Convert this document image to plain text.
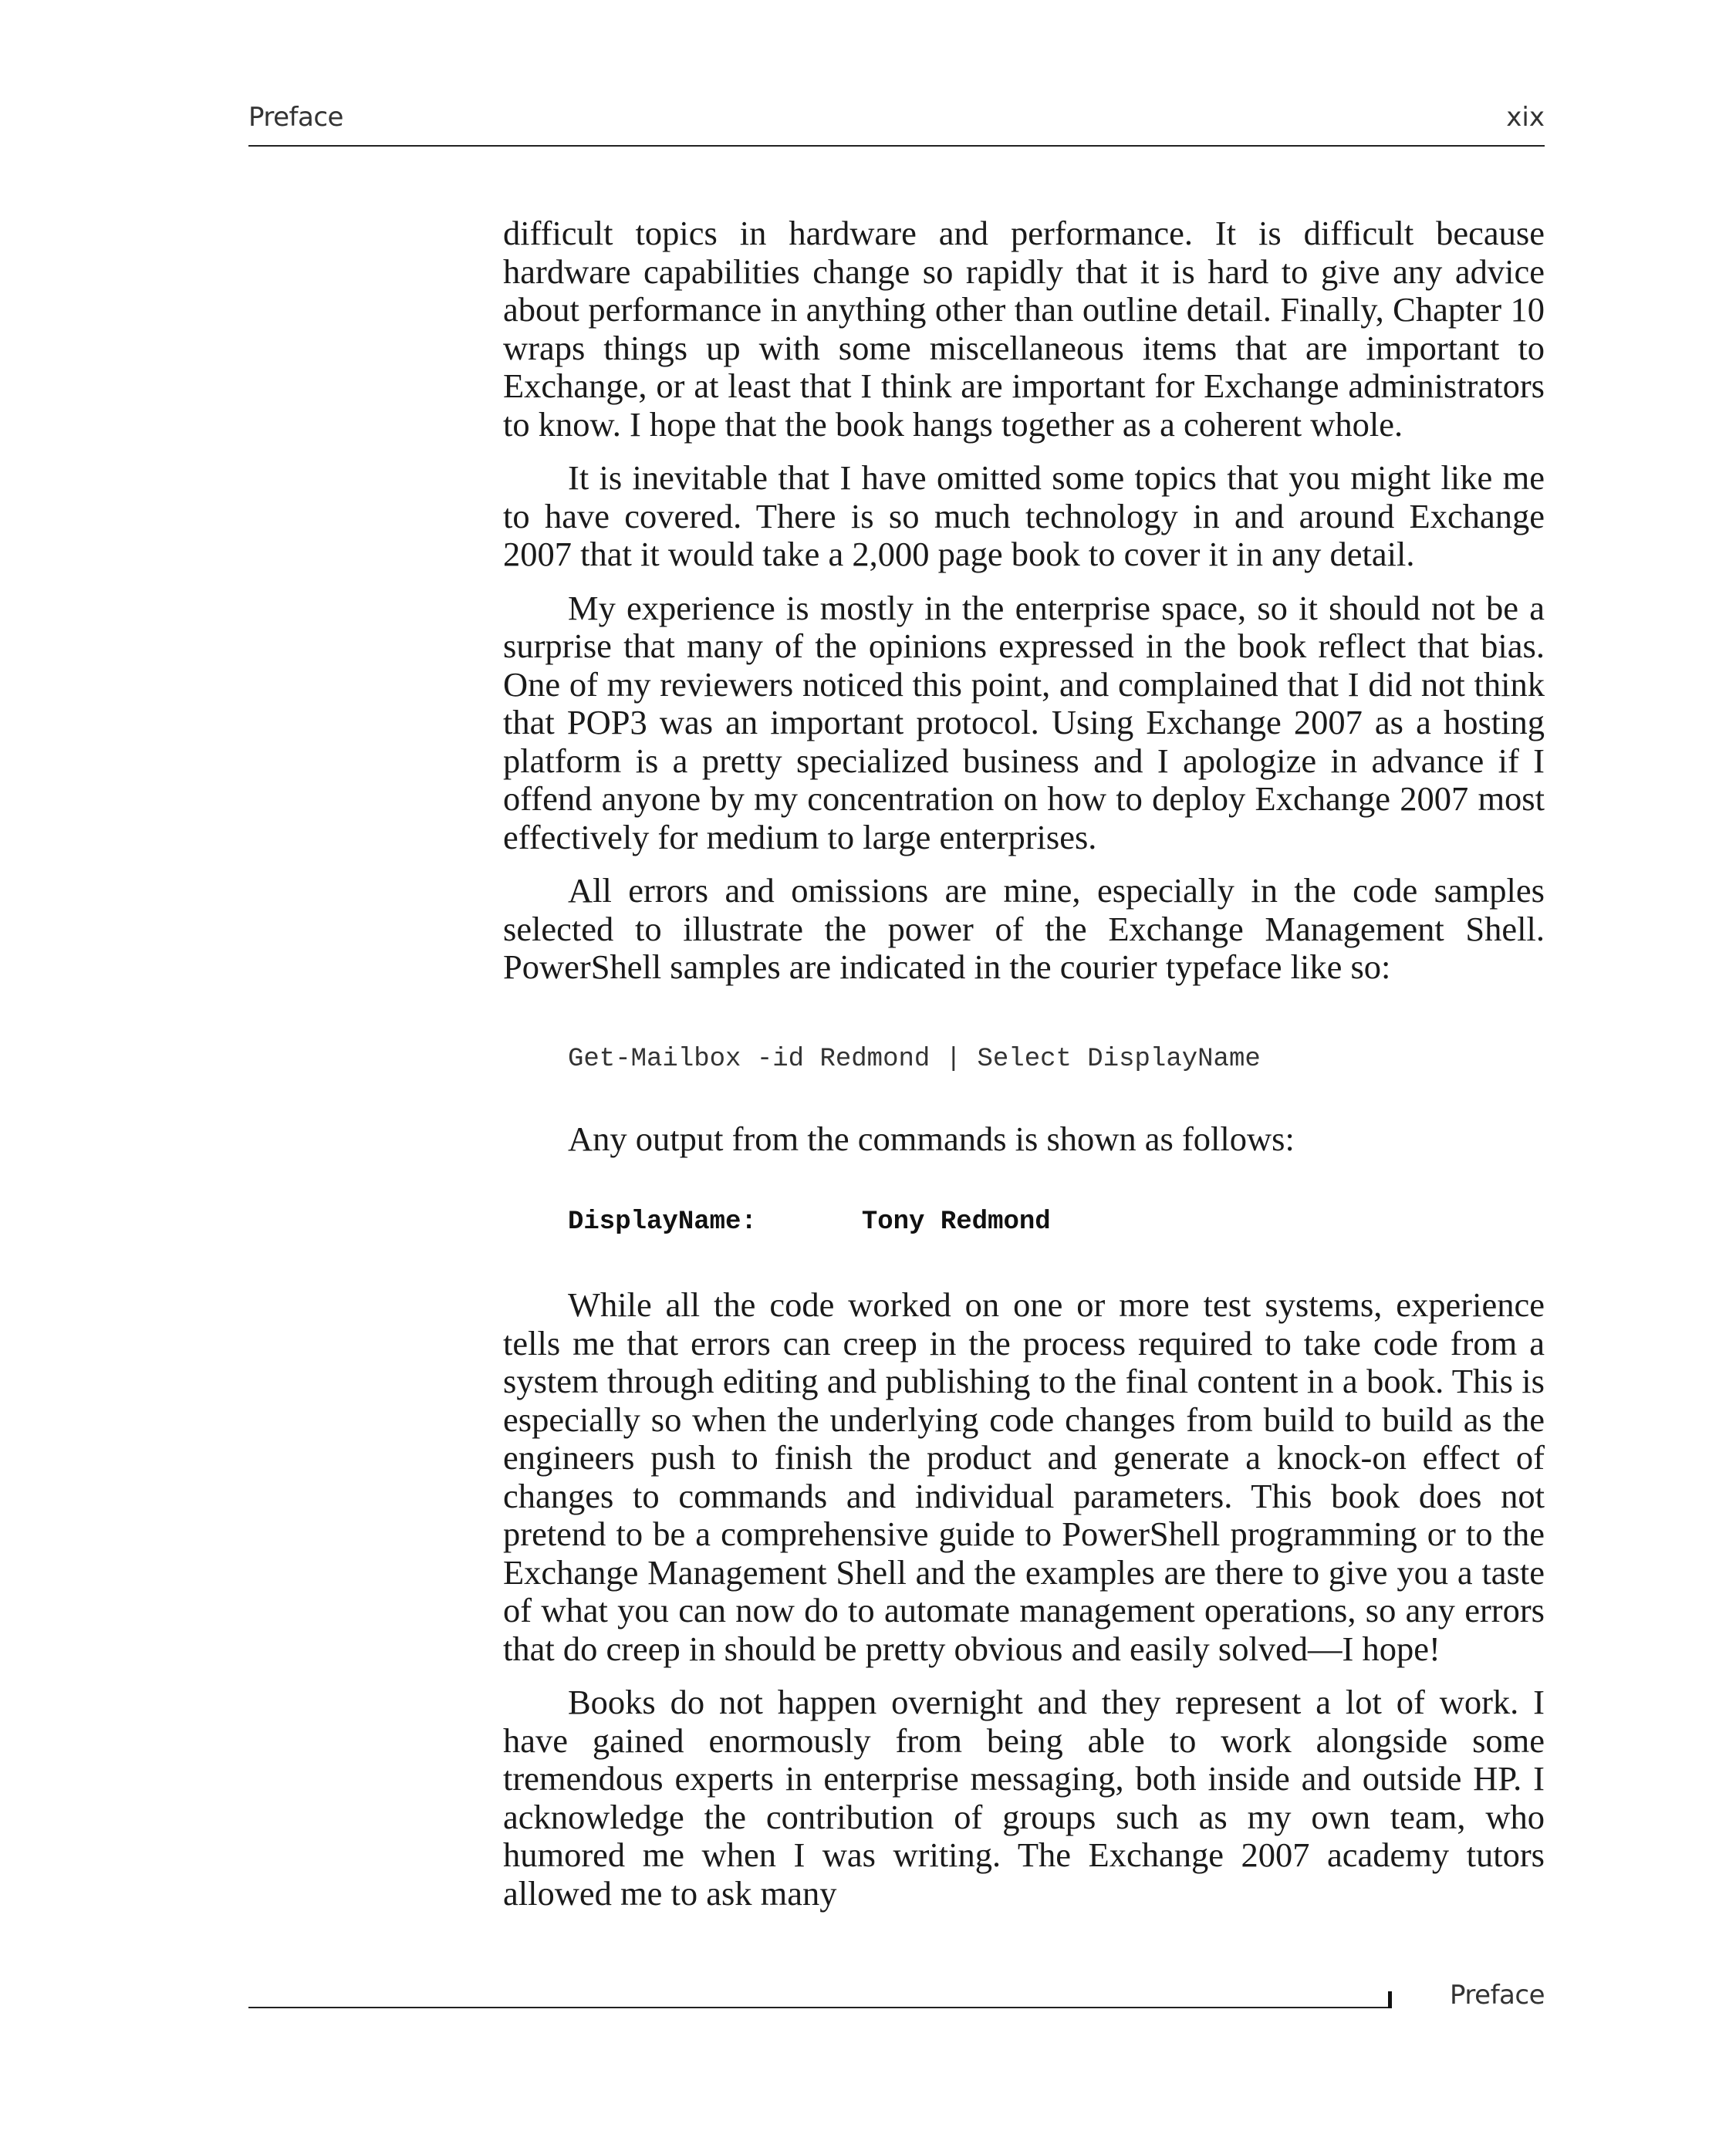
Preface	xix

difficult topics in hardware and performance. It is difficult because hardware capabilities change so rapidly that it is hard to give any advice about performance in anything other than outline detail. Finally, Chapter 10 wraps things up with some miscellaneous items that are important to Exchange, or at least that I think are important for Exchange administrators to know. I hope that the book hangs together as a coherent whole.

It is inevitable that I have omitted some topics that you might like me to have covered. There is so much technology in and around Exchange 2007 that it would take a 2,000 page book to cover it in any detail.

My experience is mostly in the enterprise space, so it should not be a surprise that many of the opinions expressed in the book reflect that bias. One of my reviewers noticed this point, and complained that I did not think that POP3 was an important protocol. Using Exchange 2007 as a hosting platform is a pretty specialized business and I apologize in advance if I offend anyone by my concentration on how to deploy Exchange 2007 most effectively for medium to large enterprises.

All errors and omissions are mine, especially in the code samples selected to illustrate the power of the Exchange Management Shell. PowerShell samples are indicated in the courier typeface like so:

Get-Mailbox -id Redmond | Select DisplayName

Any output from the commands is shown as follows:

DisplayName:	Tony Redmond

While all the code worked on one or more test systems, experience tells me that errors can creep in the process required to take code from a system through editing and publishing to the final content in a book. This is especially so when the underlying code changes from build to build as the engineers push to finish the product and generate a knock-on effect of changes to commands and individual parameters. This book does not pretend to be a comprehensive guide to PowerShell programming or to the Exchange Management Shell and the examples are there to give you a taste of what you can now do to automate management operations, so any errors that do creep in should be pretty obvious and easily solved—I hope!

Books do not happen overnight and they represent a lot of work. I have gained enormously from being able to work alongside some tremendous experts in enterprise messaging, both inside and outside HP. I acknowledge the contribution of groups such as my own team, who humored me when I was writing. The Exchange 2007 academy tutors allowed me to ask many

Preface
